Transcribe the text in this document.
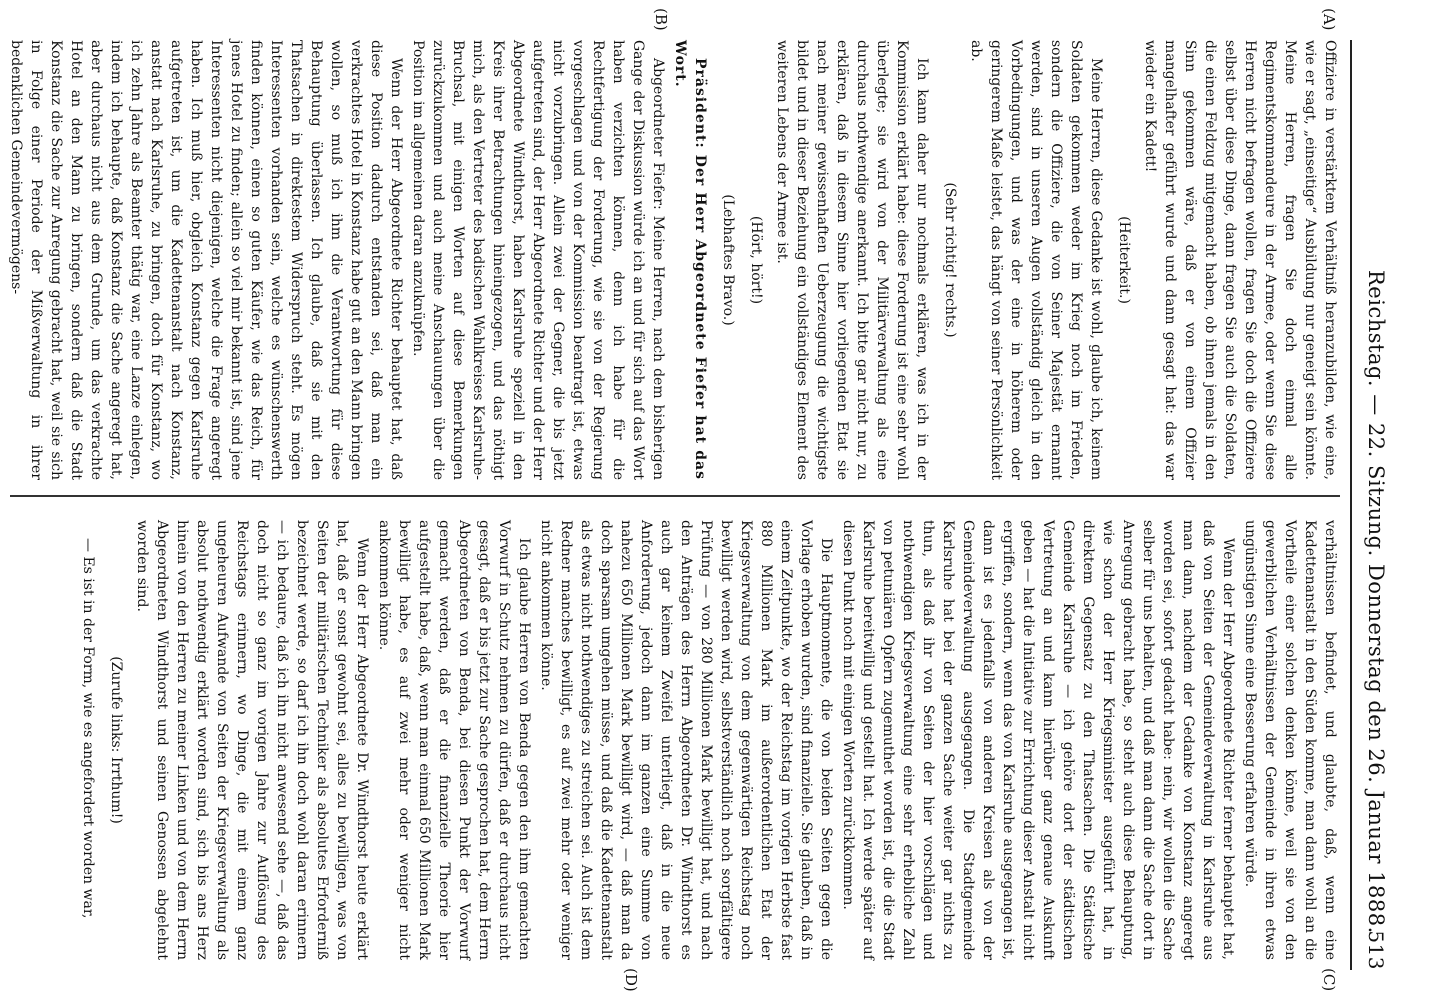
Reichstag. — 22. Sitzung. Donnerstag den 26. Januar 1888.
513
(A)
(B)
(C)
(D)

Offiziere in verstärktem Verhältniß heranzubilden, wie eine, wie er sagt, „einseitige“ Ausbildung nur geneigt sein könnte. Meine Herren, fragen Sie doch einmal alle Regimentskommandeure in der Armee, oder wenn Sie diese Herren nicht befragen wollen, fragen Sie doch die Offiziere selbst über diese Dinge, dann fragen Sie auch die Soldaten, die einen Feldzug mitgemacht haben, ob ihnen jemals in den Sinn gekommen wäre, daß er von einem Offizier mangelhafter geführt wurde und dann gesagt hat: das war wieder ein Kadett!

(Heiterkeit.)

Meine Herren, diese Gedanke ist wohl, glaube ich, keinem Soldaten gekommen weder im Krieg noch im Frieden, sondern die Offiziere, die von Seiner Majestät ernannt werden, sind in unseren Augen vollständig gleich in den Vorbedingungen, und was der eine in höherem oder geringerem Maße leistet, das hängt von seiner Persönlichkeit ab.

(Sehr richtig! rechts.)

Ich kann daher nur nochmals erklären, was ich in der Kommission erklärt habe: diese Forderung ist eine sehr wohl überlegte; sie wird von der Militärverwaltung als eine durchaus nothwendige anerkannt. Ich bitte gar nicht nur, zu erklären, daß in diesem Sinne hier vorliegenden Etat sie nach meiner gewissenhaften Ueberzeugung die wichtigste bildet und in dieser Beziehung ein vollständiges Element des weiteren Lebens der Armee ist.

(Hört, hört!)

(Lebhaftes Bravo.)

Präsident: Der Herr Abgeordnete Fiefer hat das Wort.

Abgeordneter Fiefer: Meine Herren, nach dem bisherigen Gange der Diskussion würde ich an und für sich auf das Wort haben verzichten können, denn ich habe für die Rechtfertigung der Forderung, wie sie von der Regierung vorgeschlagen und von der Kommission beantragt ist, etwas nicht vorzubringen. Allein zwei der Gegner, die bis jetzt aufgetreten sind, der Herr Abgeordnete Richter und der Herr Abgeordnete Windthorst, haben Karlsruhe speziell in den Kreis ihrer Betrachtungen hineingezogen, und das nöthigt mich, als den Vertreter des badischen Wahlkreises Karlsruhe-Bruchsal, mit einigen Worten auf diese Bemerkungen zurückzukommen und auch meine Anschauungen über die Position im allgemeinen daran anzuknüpfen.

Wenn der Herr Abgeordnete Richter behauptet hat, daß diese Position dadurch entstanden sei, daß man ein verkrachtes Hotel in Konstanz habe gut an den Mann bringen wollen, so muß ich ihm die Verantwortung für diese Behauptung überlassen. Ich glaube, daß sie mit den Thatsachen in direktestem Widerspruch steht. Es mögen Interessenten vorhanden sein, welche es wünschenswerth finden können, einen so guten Käufer, wie das Reich, für jenes Hotel zu finden; allein so viel mir bekannt ist, sind jene Interessenten nicht diejenigen, welche die Frage angeregt haben. Ich muß hier, obgleich Konstanz gegen Karlsruhe aufgetreten ist, um die Kadettenanstalt nach Konstanz, anstatt nach Karlsruhe, zu bringen, doch für Konstanz, wo ich zehn Jahre als Beamter thätig war, eine Lanze einlegen, indem ich behaupte, daß Konstanz die Sache angeregt hat, aber durchaus nicht aus dem Grunde, um das verkrachte Hotel an den Mann zu bringen, sondern daß die Stadt Konstanz die Sache zur Anregung gebracht hat, weil sie sich in Folge einer Periode der Mißverwaltung in ihrer bedenklichen Gemeindevermögens-

verhältnissen befindet, und glaubte, daß, wenn eine Kadettenanstalt in den Süden komme, man dann wohl an die Vortheile einer solchen denken könne, weil sie von den gewerblichen Verhältnissen der Gemeinde in ihren etwas ungünstigen Sinne eine Besserung erfahren würde.

Wenn der Herr Abgeordnete Richter ferner behauptet hat, daß von Seiten der Gemeindeverwaltung in Karlsruhe aus man dann, nachdem der Gedanke von Konstanz angeregt worden sei, sofort gedacht habe: nein, wir wollen die Sache selber für uns behalten, und daß man dann die Sache dort in Anregung gebracht habe, so steht auch diese Behauptung, wie schon der Herr Kriegsminister ausgeführt hat, in direktem Gegensatz zu den Thatsachen. Die Städtische Gemeinde Karlsruhe — ich gehöre dort der städtischen Vertretung an und kann hierüber ganz genaue Auskunft geben — hat die Initiative zur Errichtung dieser Anstalt nicht ergriffen, sondern, wenn das von Karlsruhe ausgegangen ist, dann ist es jedenfalls von anderen Kreisen als von der Gemeindeverwaltung ausgegangen. Die Stadtgemeinde Karlsruhe hat bei der ganzen Sache weiter gar nichts zu thun, als daß ihr von Seiten der hier vorschlägen und nothwendigen Kriegsverwaltung eine sehr erhebliche Zahl von petuniären Opfern zugemuthet worden ist, die die Stadt Karlsruhe bereitwillig und gestellt hat. Ich werde später auf diesen Punkt noch mit einigen Worten zurückkommen.

Die Hauptmomente, die von beiden Seiten gegen die Vorlage erhoben wurden, sind finanzielle. Sie glauben, daß in einem Zeitpunkte, wo der Reichstag im vorigen Herbste fast 880 Millionen Mark im außerordentlichen Etat der Kriegsverwaltung von dem gegenwärtigen Reichstag noch bewilligt werden wird, selbstverständlich noch sorgfältigere Prüfung — von 280 Millionen Mark bewilligt hat, und nach den Anträgen des Herrn Abgeordneten Dr. Windthorst es auch gar keinem Zweifel unterliegt, daß in die neue Anforderung, jedoch dann im ganzen eine Summe von nahezu 650 Millionen Mark bewilligt wird, — daß man da doch sparsam umgehen müsse, und daß die Kadettenanstalt als etwas nicht nothwendiges zu streichen sei. Auch ist dem Redner manches bewilligt, es auf zwei mehr oder weniger nicht ankommen könne.

Ich glaube Herren von Benda gegen den ihm gemachten Vorwurf in Schutz nehmen zu dürfen, daß er durchaus nicht gesagt, daß er bis jetzt zur Sache gesprochen hat, dem Herrn Abgeordneten von Benda, bei diesen Punkt der Vorwurf gemacht werden, daß er die finanzielle Theorie hier aufgestellt habe, daß, wenn man einmal 650 Millionen Mark bewilligt habe, es auf zwei mehr oder weniger nicht ankommen könne.

Wenn der Herr Abgeordnete Dr. Windthorst heute erklärt hat, daß er sonst gewohnt sei, alles zu bewilligen, was von Seiten der militärischen Techniker als absolutes Erforderniß bezeichnet werde, so darf ich ihn doch wohl daran erinnern — ich bedaure, daß ich ihn nicht anwesend sehe —, daß das doch nicht so ganz im vorigen Jahre zur Auflösung des Reichstags erinnern, wo Dinge, die mit einem ganz ungeheuren Aufwande von Seiten der Kriegsverwaltung als absolut nothwendig erklärt worden sind, sich bis ans Herz hinein von den Herren zu meiner Linken und von dem Herrn Abgeordneten Windthorst und seinen Genossen abgelehnt worden sind.

(Zurufe links: Irrthum!)

— Es ist in der Form, wie es angefordert worden war,
